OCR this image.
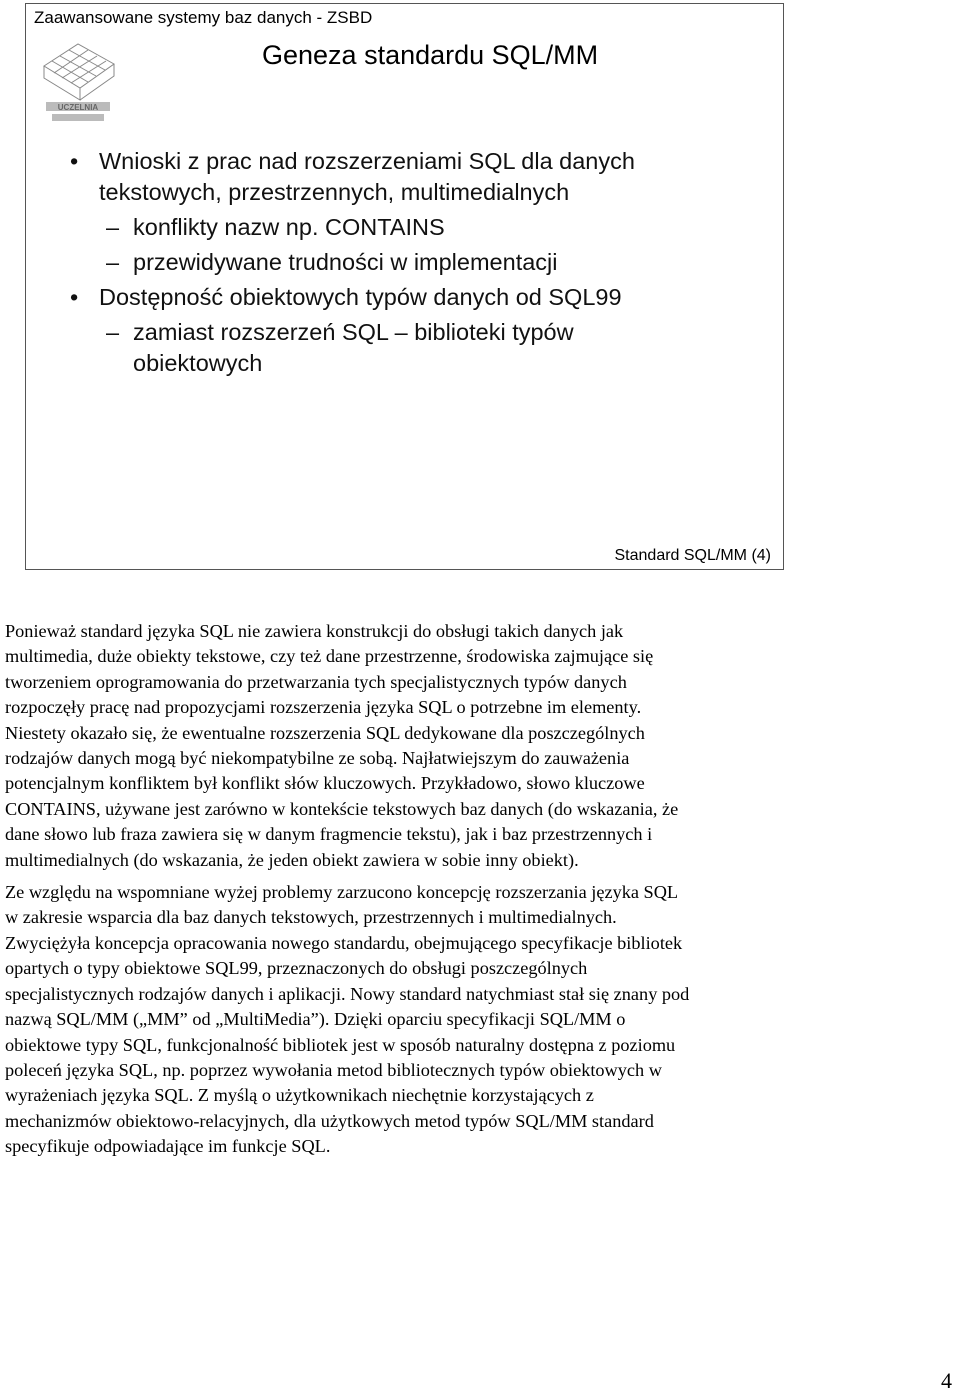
Zaawansowane systemy baz danych - ZSBD
UCZELNIA
Geneza standardu SQL/MM
• Wnioski z prac nad rozszerzeniami SQL dla danych
tekstowych, przestrzennych, multimedialnych
– konflikty nazw np. CONTAINS
– przewidywane trudności w implementacji
• Dostępność obiektowych typów danych od SQL99
– zamiast rozszerzeń SQL – biblioteki typów
obiektowych
Standard SQL/MM (4)

Ponieważ standard języka SQL nie zawiera konstrukcji do obsługi takich danych jak
multimedia, duże obiekty tekstowe, czy też dane przestrzenne, środowiska zajmujące się
tworzeniem oprogramowania do przetwarzania tych specjalistycznych typów danych
rozpoczęły pracę nad propozycjami rozszerzenia języka SQL o potrzebne im elementy.
Niestety okazało się, że ewentualne rozszerzenia SQL dedykowane dla poszczególnych
rodzajów danych mogą być niekompatybilne ze sobą. Najłatwiejszym do zauważenia
potencjalnym konfliktem był konflikt słów kluczowych. Przykładowo, słowo kluczowe
CONTAINS, używane jest zarówno w kontekście tekstowych baz danych (do wskazania, że
dane słowo lub fraza zawiera się w danym fragmencie tekstu), jak i baz przestrzennych i
multimedialnych (do wskazania, że jeden obiekt zawiera w sobie inny obiekt).

Ze względu na wspomniane wyżej problemy zarzucono koncepcję rozszerzania języka SQL
w zakresie wsparcia dla baz danych tekstowych, przestrzennych i multimedialnych.
Zwyciężyła koncepcja opracowania nowego standardu, obejmującego specyfikacje bibliotek
opartych o typy obiektowe SQL99, przeznaczonych do obsługi poszczególnych
specjalistycznych rodzajów danych i aplikacji. Nowy standard natychmiast stał się znany pod
nazwą SQL/MM („MM” od „MultiMedia”). Dzięki oparciu specyfikacji SQL/MM o
obiektowe typy SQL, funkcjonalność bibliotek jest w sposób naturalny dostępna z poziomu
poleceń języka SQL, np. poprzez wywołania metod bibliotecznych typów obiektowych w
wyrażeniach języka SQL. Z myślą o użytkownikach niechętnie korzystających z
mechanizmów obiektowo-relacyjnych, dla użytkowych metod typów SQL/MM standard
specyfikuje odpowiadające im funkcje SQL.

4
